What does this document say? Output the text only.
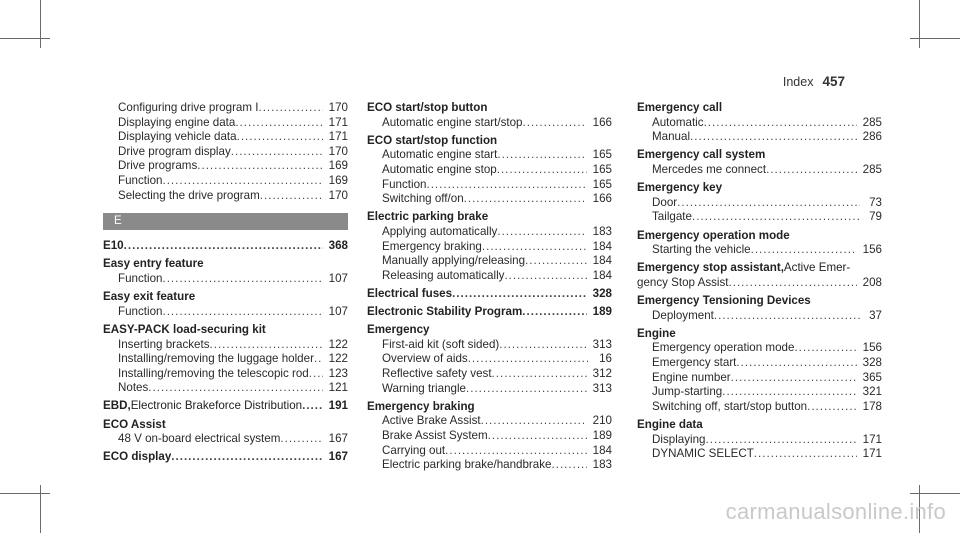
Index 457
Configuring drive program I .....	170
Displaying engine data .....	171
Displaying vehicle data .....	171
Drive program display .....	170
Drive programs .....	169
Function .....	169
Selecting the drive program .....	170
E
E10 .....	368
Easy entry feature
Function .....	107
Easy exit feature
Function .....	107
EASY-PACK load-securing kit
Inserting brackets .....	122
Installing/removing the luggage holder .....	122
Installing/removing the telescopic rod .....	123
Notes .....	121
EBD, Electronic Brakeforce Distribution .....	191
ECO Assist
48 V on-board electrical system .....	167
ECO display .....	167
ECO start/stop button
Automatic engine start/stop .....	166
ECO start/stop function
Automatic engine start .....	165
Automatic engine stop .....	165
Function .....	165
Switching off/on .....	166
Electric parking brake
Applying automatically .....	183
Emergency braking .....	184
Manually applying/releasing .....	184
Releasing automatically .....	184
Electrical fuses .....	328
Electronic Stability Program .....	189
Emergency
First-aid kit (soft sided) .....	313
Overview of aids .....	16
Reflective safety vest .....	312
Warning triangle .....	313
Emergency braking
Active Brake Assist .....	210
Brake Assist System .....	189
Carrying out .....	184
Electric parking brake/handbrake .....	183
Emergency call
Automatic .....	285
Manual .....	286
Emergency call system
Mercedes me connect .....	285
Emergency key
Door .....	73
Tailgate .....	79
Emergency operation mode
Starting the vehicle .....	156
Emergency stop assistant, Active Emer-
gency Stop Assist .....	208
Emergency Tensioning Devices
Deployment .....	37
Engine
Emergency operation mode .....	156
Emergency start .....	328
Engine number .....	365
Jump-starting .....	321
Switching off, start/stop button .....	178
Engine data
Displaying .....	171
DYNAMIC SELECT .....	171
carmanualsonline.info
